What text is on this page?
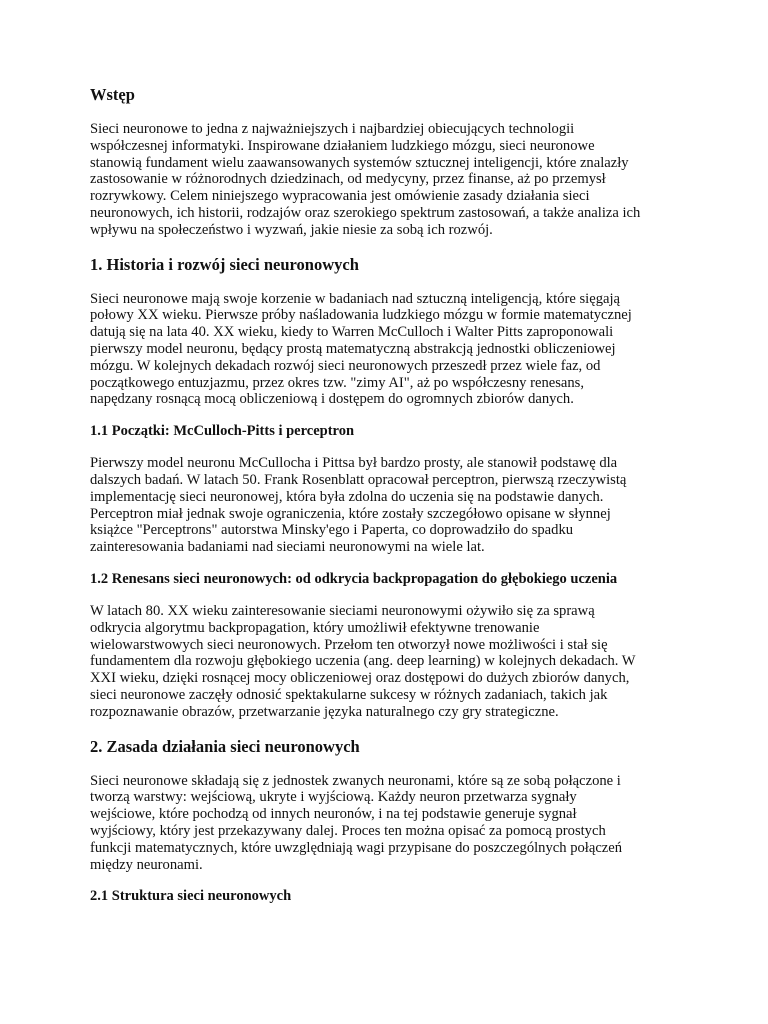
Wstęp

Sieci neuronowe to jedna z najważniejszych i najbardziej obiecujących technologii
współczesnej informatyki. Inspirowane działaniem ludzkiego mózgu, sieci neuronowe
stanowią fundament wielu zaawansowanych systemów sztucznej inteligencji, które znalazły
zastosowanie w różnorodnych dziedzinach, od medycyny, przez finanse, aż po przemysł
rozrywkowy. Celem niniejszego wypracowania jest omówienie zasady działania sieci
neuronowych, ich historii, rodzajów oraz szerokiego spektrum zastosowań, a także analiza ich
wpływu na społeczeństwo i wyzwań, jakie niesie za sobą ich rozwój.

1. Historia i rozwój sieci neuronowych

Sieci neuronowe mają swoje korzenie w badaniach nad sztuczną inteligencją, które sięgają
połowy XX wieku. Pierwsze próby naśladowania ludzkiego mózgu w formie matematycznej
datują się na lata 40. XX wieku, kiedy to Warren McCulloch i Walter Pitts zaproponowali
pierwszy model neuronu, będący prostą matematyczną abstrakcją jednostki obliczeniowej
mózgu. W kolejnych dekadach rozwój sieci neuronowych przeszedł przez wiele faz, od
początkowego entuzjazmu, przez okres tzw. "zimy AI", aż po współczesny renesans,
napędzany rosnącą mocą obliczeniową i dostępem do ogromnych zbiorów danych.

1.1 Początki: McCulloch-Pitts i perceptron

Pierwszy model neuronu McCullocha i Pittsa był bardzo prosty, ale stanowił podstawę dla
dalszych badań. W latach 50. Frank Rosenblatt opracował perceptron, pierwszą rzeczywistą
implementację sieci neuronowej, która była zdolna do uczenia się na podstawie danych.
Perceptron miał jednak swoje ograniczenia, które zostały szczegółowo opisane w słynnej
książce "Perceptrons" autorstwa Minsky'ego i Paperta, co doprowadziło do spadku
zainteresowania badaniami nad sieciami neuronowymi na wiele lat.

1.2 Renesans sieci neuronowych: od odkrycia backpropagation do głębokiego uczenia

W latach 80. XX wieku zainteresowanie sieciami neuronowymi ożywiło się za sprawą
odkrycia algorytmu backpropagation, który umożliwił efektywne trenowanie
wielowarstwowych sieci neuronowych. Przełom ten otworzył nowe możliwości i stał się
fundamentem dla rozwoju głębokiego uczenia (ang. deep learning) w kolejnych dekadach. W
XXI wieku, dzięki rosnącej mocy obliczeniowej oraz dostępowi do dużych zbiorów danych,
sieci neuronowe zaczęły odnosić spektakularne sukcesy w różnych zadaniach, takich jak
rozpoznawanie obrazów, przetwarzanie języka naturalnego czy gry strategiczne.

2. Zasada działania sieci neuronowych

Sieci neuronowe składają się z jednostek zwanych neuronami, które są ze sobą połączone i
tworzą warstwy: wejściową, ukryte i wyjściową. Każdy neuron przetwarza sygnały
wejściowe, które pochodzą od innych neuronów, i na tej podstawie generuje sygnał
wyjściowy, który jest przekazywany dalej. Proces ten można opisać za pomocą prostych
funkcji matematycznych, które uwzględniają wagi przypisane do poszczególnych połączeń
między neuronami.

2.1 Struktura sieci neuronowych
